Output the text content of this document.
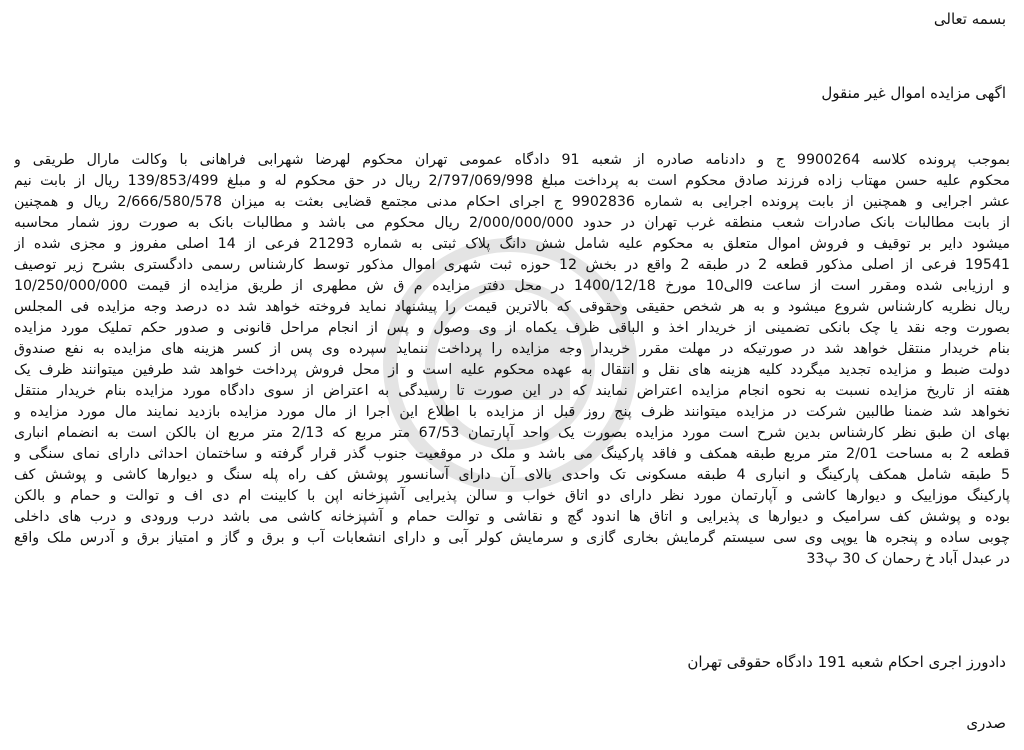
بسمه تعالی
اگهی مزایده اموال غیر منقول
بموجب پرونده کلاسه 9900264 ج و دادنامه صادره از شعبه 91 دادگاه عمومی تهران محکوم لهرضا شهرابی فراهانی با وکالت مارال طریقی و
محکوم علیه حسن مهتاب زاده فرزند صادق محکوم است به پرداخت مبلغ 2/797/069/998 ریال در حق محکوم له و مبلغ 139/853/499 ریال از بابت نیم
عشر اجرایی و همچنین از بابت پرونده اجرایی به شماره 9902836 ج اجرای احکام مدنی مجتمع قضایی بعثت به میزان 2/666/580/578 ریال و همچنین
از بابت مطالبات بانک صادرات شعب منطقه غرب تهران در حدود 2/000/000/000 ریال محکوم می باشد و مطالبات بانک به صورت روز شمار محاسبه
میشود دایر بر توقیف و فروش اموال متعلق به محکوم علیه شامل شش دانگ پلاک ثبتی به شماره 21293 فرعی از 14 اصلی مفروز و مجزی شده از
19541 فرعی از اصلی مذکور قطعه 2 در طبقه 2 واقع در بخش 12 حوزه ثبت شهری اموال مذکور توسط کارشناس رسمی دادگستری بشرح زیر توصیف
و ارزیابی شده ومقرر است از ساعت 9الی10 مورخ 1400/12/18 در محل دفتر مزایده م ق ش مطهری از طریق مزایده از قیمت 10/250/000/000
ریال نظریه کارشناس شروع میشود و به هر شخص حقیقی وحقوقی که بالاترین قیمت را پیشنهاد نماید فروخته خواهد شد ده درصد وجه مزایده فی المجلس
بصورت وجه نقد یا چک بانکی تضمینی از خریدار اخذ و الباقی ظرف یکماه از وی وصول و پس از انجام مراحل قانونی و صدور حکم تملیک مورد مزایده
بنام خریدار منتقل خواهد شد در صورتیکه در مهلت مقرر خریدار وجه مزایده را پرداخت ننماید سپرده وی پس از کسر هزینه های مزایده به نفع صندوق
دولت ضبط و مزایده تجدید میگردد کلیه هزینه های نقل و انتقال به عهده محکوم علیه است و از محل فروش پرداخت خواهد شد طرفین میتوانند ظرف یک
هفته از تاریخ مزایده نسبت به نحوه انجام مزایده اعتراض نمایند که در این صورت تا رسیدگی به اعتراض از سوی دادگاه مورد مزایده بنام خریدار منتقل
نخواهد شد ضمنا طالبین شرکت در مزایده میتوانند ظرف پنج روز قبل از مزایده با اطلاع این اجرا از مال مورد مزایده بازدید نمایند مال مورد مزایده و
بهای ان طبق نظر کارشناس بدین شرح است مورد مزایده بصورت یک واحد آپارتمان 67/53 متر مربع که 2/13 متر مربع ان بالکن است به انضمام انباری
قطعه 2 به مساحت 2/01 متر مربع طبقه همکف و فاقد پارکینگ می باشد و ملک در موقعیت جنوب گذر قرار گرفته و ساختمان احداثی دارای نمای سنگی و
5 طبقه شامل همکف پارکینگ و انباری 4 طبقه مسکونی تک واحدی بالای آن دارای آسانسور پوشش کف راه پله سنگ و دیوارها کاشی و پوشش کف
پارکینگ موزاییک و دیوارها کاشی و آپارتمان مورد نظر دارای دو اتاق خواب و سالن پذیرایی آشپزخانه اپن با کابینت ام دی اف و توالت و حمام و بالکن
بوده و پوشش کف سرامیک و دیوارها ی پذیرایی و اتاق ها اندود گچ و نقاشی و توالت حمام و آشپزخانه کاشی می باشد درب ورودی و درب های داخلی
چوبی ساده و پنجره ها یوپی وی سی سیستم گرمایش بخاری گازی و سرمایش کولر آبی و دارای انشعابات آب و برق و گاز و امتیاز برق و آدرس ملک واقع
در عبدل آباد خ رحمان ک 30 پ33
دادورز اجری احکام شعبه 191 دادگاه حقوقی تهران
صدری
